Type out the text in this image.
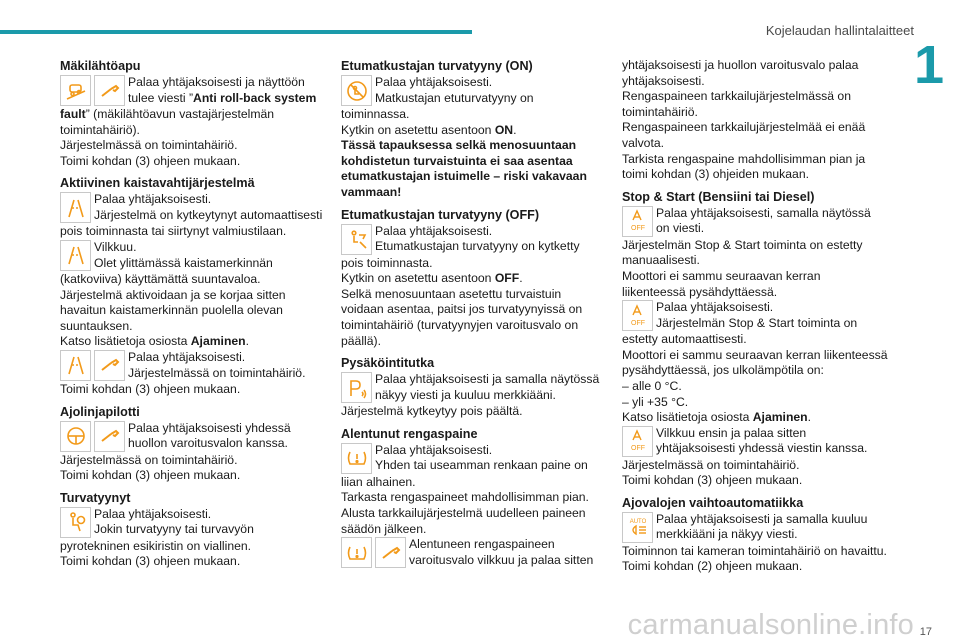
Kojelaudan hallintalaitteet
1
Mäkilähtöapu
Palaa yhtäjaksoisesti ja näyttöön
tulee viesti ”Anti roll-back system
fault” (mäkilähtöavun vastajärjestelmän
toimintahäiriö).
Järjestelmässä on toimintahäiriö.
Toimi kohdan (3) ohjeen mukaan.
Aktiivinen kaistavahtijärjestelmä
Palaa yhtäjaksoisesti.
Järjestelmä on kytkeytynyt automaattisesti
pois toiminnasta tai siirtynyt valmiustilaan.
Vilkkuu.
Olet ylittämässä kaistamerkinnän
(katkoviiva) käyttämättä suuntavaloa.
Järjestelmä aktivoidaan ja se korjaa sitten
havaitun kaistamerkinnän puolella olevan
suuntauksen.
Katso lisätietoja osiosta Ajaminen.
Palaa yhtäjaksoisesti.
Järjestelmässä on toimintahäiriö.
Toimi kohdan (3) ohjeen mukaan.
Ajolinjapilotti
Palaa yhtäjaksoisesti yhdessä
huollon varoitusvalon kanssa.
Järjestelmässä on toimintahäiriö.
Toimi kohdan (3) ohjeen mukaan.
Turvatyynyt
Palaa yhtäjaksoisesti.
Jokin turvatyyny tai turvavyön
pyrotekninen esikiristin on viallinen.
Toimi kohdan (3) ohjeen mukaan.
Etumatkustajan turvatyyny (ON)
Palaa yhtäjaksoisesti.
Matkustajan etuturvatyyny on
toiminnassa.
Kytkin on asetettu asentoon ON.
Tässä tapauksessa selkä menosuuntaan
kohdistetun turvaistuinta ei saa asentaa
etumatkustajan istuimelle – riski vakavaan
vammaan!
Etumatkustajan turvatyyny (OFF)
Palaa yhtäjaksoisesti.
Etumatkustajan turvatyyny on kytketty
pois toiminnasta.
Kytkin on asetettu asentoon OFF.
Selkä menosuuntaan asetettu turvaistuin
voidaan asentaa, paitsi jos turvatyynyissä on
toimintahäiriö (turvatyynyjen varoitusvalo on
päällä).
Pysäköintitutka
Palaa yhtäjaksoisesti ja samalla näytössä
näkyy viesti ja kuuluu merkkiääni.
Järjestelmä kytkeytyy pois päältä.
Alentunut rengaspaine
Palaa yhtäjaksoisesti.
Yhden tai useamman renkaan paine on
liian alhainen.
Tarkasta rengaspaineet mahdollisimman pian.
Alusta tarkkailujärjestelmä uudelleen paineen
säädön jälkeen.
Alentuneen rengaspaineen
varoitusvalo vilkkuu ja palaa sitten
yhtäjaksoisesti ja huollon varoitusvalo palaa
yhtäjaksoisesti.
Rengaspaineen tarkkailujärjestelmässä on
toimintahäiriö.
Rengaspaineen tarkkailujärjestelmää ei enää
valvota.
Tarkista rengaspaine mahdollisimman pian ja
toimi kohdan (3) ohjeiden mukaan.
Stop & Start (Bensiini tai Diesel)
OFF
Palaa yhtäjaksoisesti, samalla näytössä
on viesti.
Järjestelmän Stop & Start toiminta on estetty
manuaalisesti.
Moottori ei sammu seuraavan kerran
liikenteessä pysähdyttäessä.
OFF
Palaa yhtäjaksoisesti.
Järjestelmän Stop & Start toiminta on
estetty automaattisesti.
Moottori ei sammu seuraavan kerran liikenteessä
pysähdyttäessä, jos ulkolämpötila on:
– alle 0 °C.
– yli +35 °C.
Katso lisätietoja osiosta Ajaminen.
OFF
Vilkkuu ensin ja palaa sitten
yhtäjaksoisesti yhdessä viestin kanssa.
Järjestelmässä on toimintahäiriö.
Toimi kohdan (3) ohjeen mukaan.
Ajovalojen vaihtoautomatiikka
AUTO Palaa yhtäjaksoisesti ja samalla kuuluu
merkkiääni ja näkyy viesti.
Toiminnon tai kameran toimintahäiriö on havaittu.
Toimi kohdan (2) ohjeen mukaan.
carmanualsonline.info 17
